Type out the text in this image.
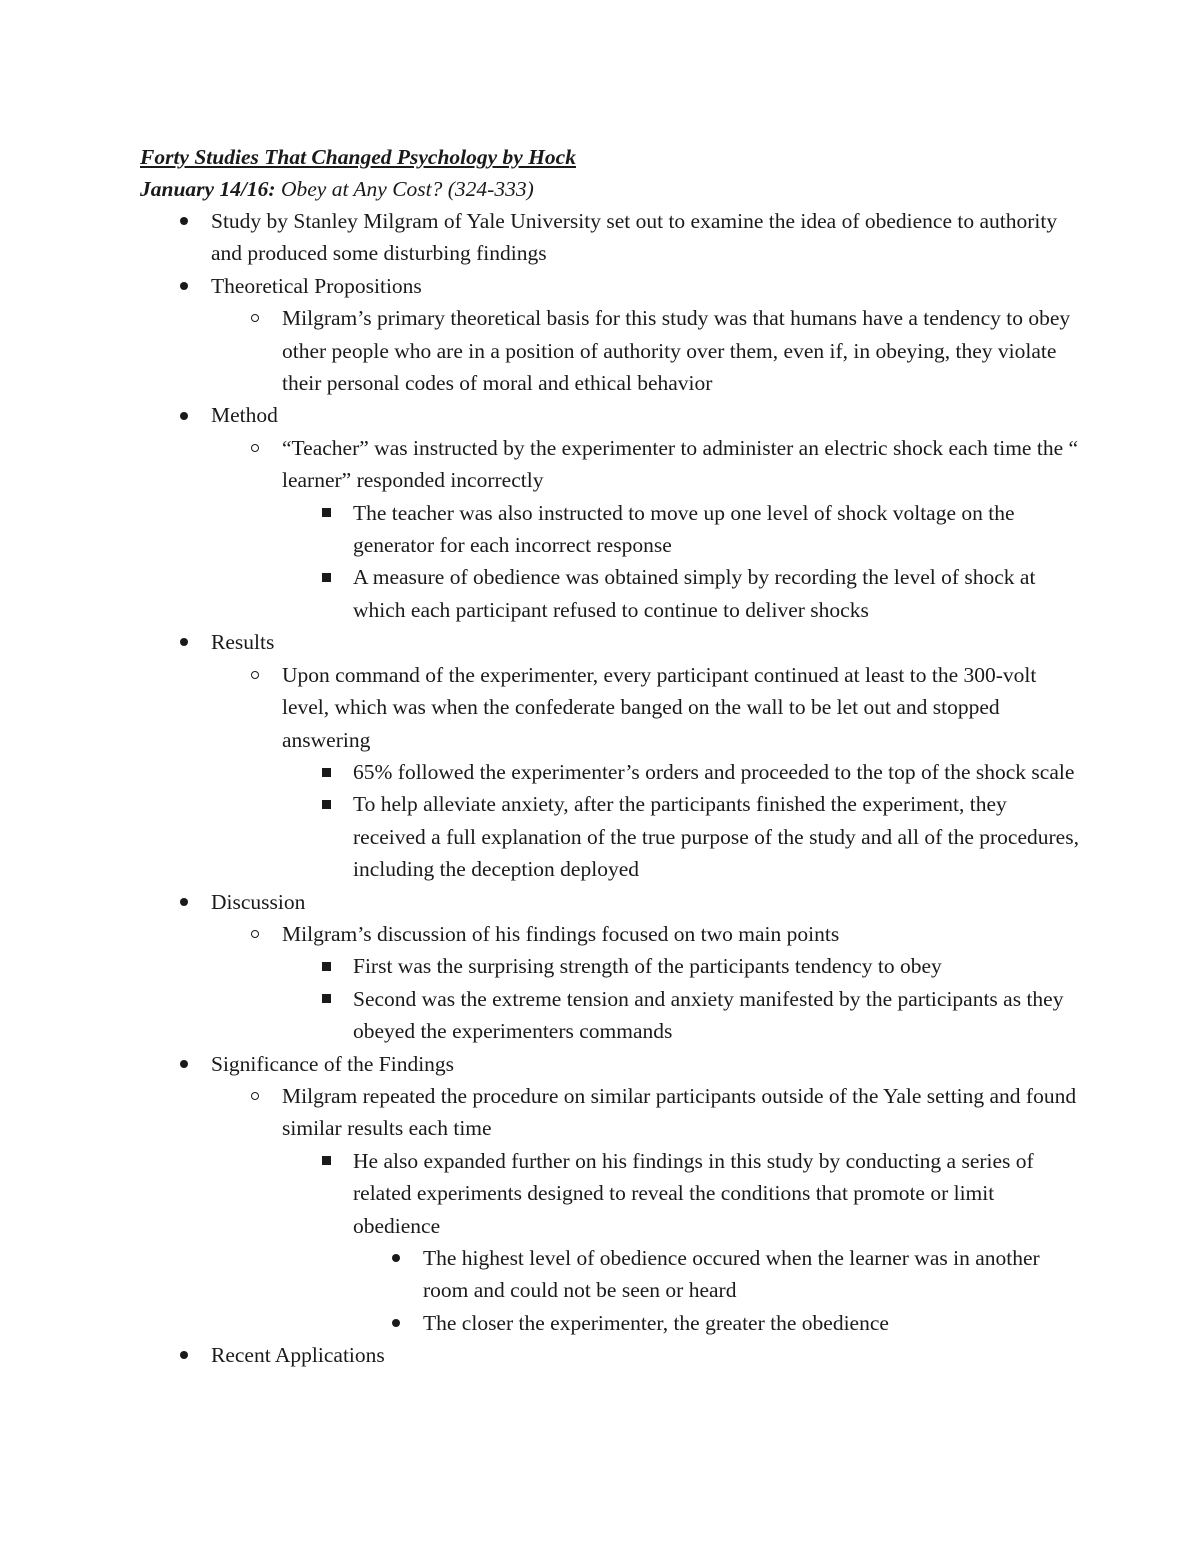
Forty Studies That Changed Psychology by Hock

January 14/16: Obey at Any Cost? (324-333)

Study by Stanley Milgram of Yale University set out to examine the idea of obedience to authority and produced some disturbing findings
Theoretical Propositions
Milgram’s primary theoretical basis for this study was that humans have a tendency to obey other people who are in a position of authority over them, even if, in obeying, they violate their personal codes of moral and ethical behavior
Method
“Teacher” was instructed by the experimenter to administer an electric shock each time the “ learner” responded incorrectly
The teacher was also instructed to move up one level of shock voltage on the generator for each incorrect response
A measure of obedience was obtained simply by recording the level of shock at which each participant refused to continue to deliver shocks
Results
Upon command of the experimenter, every participant continued at least to the 300-volt level, which was when the confederate banged on the wall to be let out and stopped answering
65% followed the experimenter’s orders and proceeded to the top of the shock scale
To help alleviate anxiety, after the participants finished the experiment, they received a full explanation of the true purpose of the study and all of the procedures, including the deception deployed
Discussion
Milgram’s discussion of his findings focused on two main points
First was the surprising strength of the participants tendency to obey
Second was the extreme tension and anxiety manifested by the participants as they obeyed the experimenters commands
Significance of the Findings
Milgram repeated the procedure on similar participants outside of the Yale setting and found similar results each time
He also expanded further on his findings in this study by conducting a series of related experiments designed to reveal the conditions that promote or limit obedience
The highest level of obedience occured when the learner was in another room and could not be seen or heard
The closer the experimenter, the greater the obedience
Recent Applications
